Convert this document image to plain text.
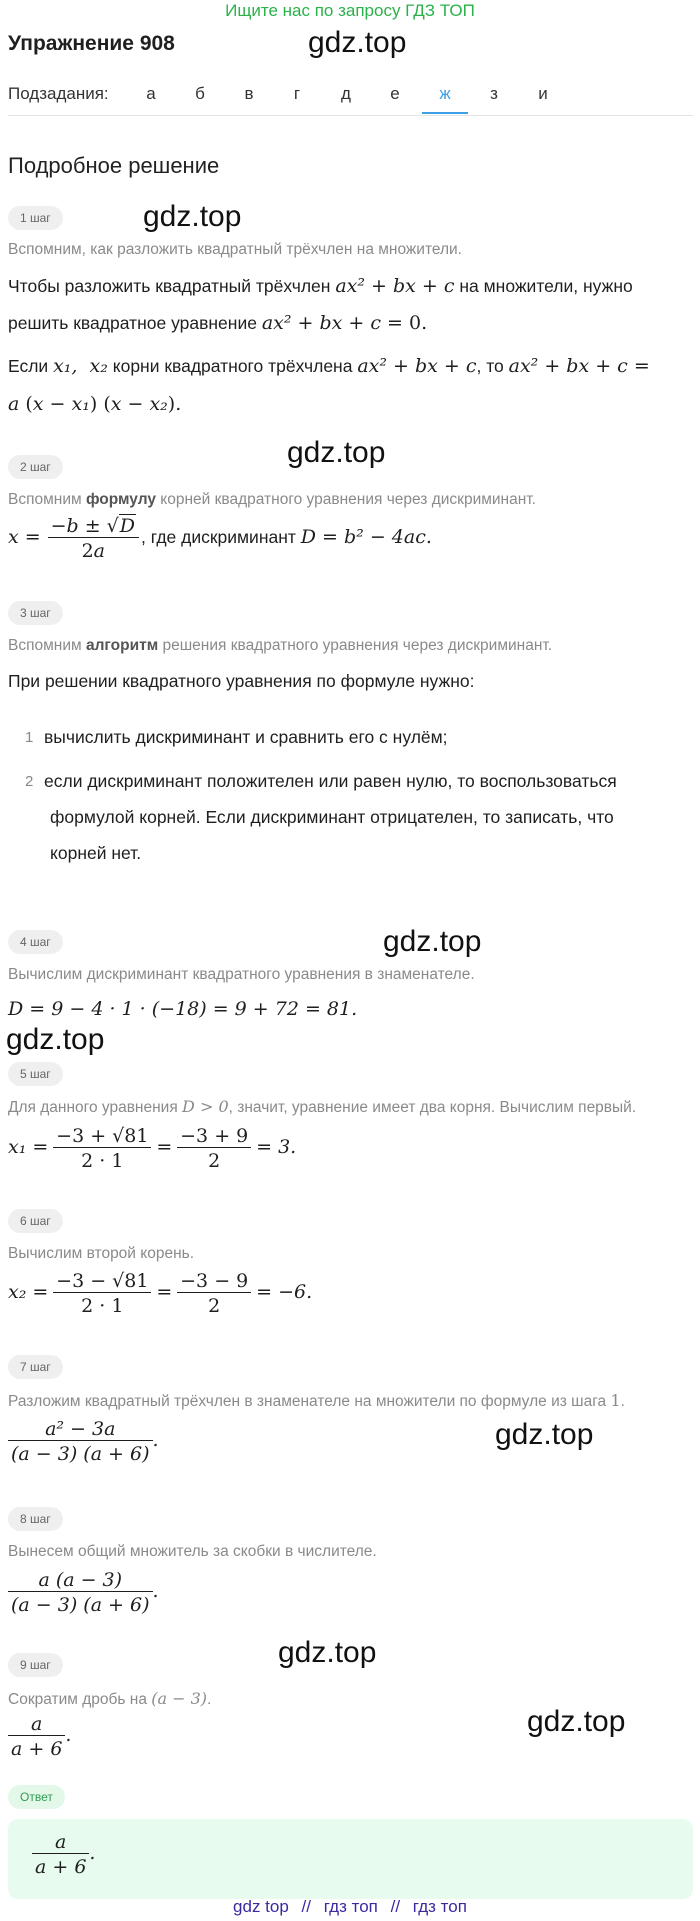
Ищите нас по запросу ГДЗ ТОП
Упражнение 908	gdz.top
gdz.top
gdz.top
gdz.top
gdz.top
gdz.top
gdz.top
gdz.top
Подзадания:	а	б	в	г	д	е	ж	з	и
Подробное решение
1 шаг
Вспомним, как разложить квадратный трёхчлен на множители.
Чтобы разложить квадратный трёхчлен ax² + bx + c на множители, нужно
решить квадратное уравнение ax² + bx + c = 0.
Если x₁,  x₂ корни квадратного трёхчлена ax² + bx + c, то ax² + bx + c =
a (x − x₁) (x − x₂).
2 шаг
Вспомним формулу корней квадратного уравнения через дискриминант.
$x = \frac{-b \pm √D}{2a}$ , где дискриминант D = b² − 4ac.
3 шаг
Вспомним алгоритм решения квадратного уравнения через дискриминант.
При решении квадратного уравнения по формуле нужно:
1 вычислить дискриминант и сравнить его с нулём;
2 если дискриминант положителен или равен нулю, то воспользоваться
формулой корней. Если дискриминант отрицателен, то записать, что
корней нет.
4 шаг
Вычислим дискриминант квадратного уравнения в знаменателе.
D = 9 − 4 · 1 · (−18) = 9 + 72 = 81.
5 шаг
Для данного уравнения D > 0, значит, уравнение имеет два корня. Вычислим первый.
$x_1 = \frac{-3 + √81}{2 \cdot 1} = \frac{-3 + 9}{2} = 3$.
6 шаг
Вычислим второй корень.
$x_2 = \frac{-3 - √81}{2 \cdot 1} = \frac{-3 - 9}{2} = -6$.
7 шаг
Разложим квадратный трёхчлен в знаменателе на множители по формуле из шага 1.
$\frac{\text{a² − 3a}}{(a - 3) (a + 6)}$ .
8 шаг
Вынесем общий множитель за скобки в числителе.
$\frac{a (a - 3)}{(a - 3) (a + 6)}$ .
9 шаг
Сократим дробь на (a − 3).
$\frac{a}{a + 6}$ .
Ответ
$\frac{a}{a + 6}$ .
gdz top // гдз топ // гдз топ
